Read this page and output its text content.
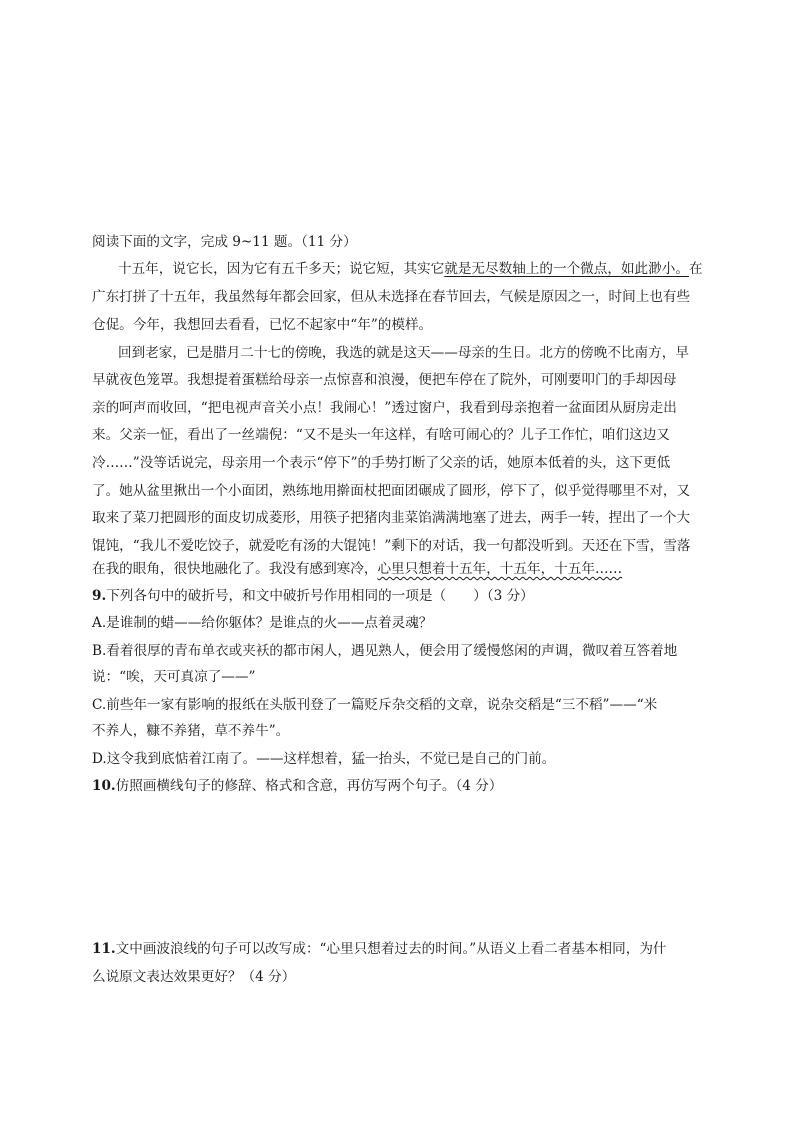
阅读下面的文字，完成 9~11 题。（11 分）
十五年，说它长，因为它有五千多天；说它短，其实它就是无尽数轴上的一个微点，如此渺小。在
广东打拼了十五年，我虽然每年都会回家，但从未选择在春节回去，气候是原因之一，时间上也有些
仓促。今年，我想回去看看，已忆不起家中“年”的模样。
回到老家，已是腊月二十七的傍晚，我选的就是这天——母亲的生日。北方的傍晚不比南方，早
早就夜色笼罩。我想提着蛋糕给母亲一点惊喜和浪漫，便把车停在了院外，可刚要叩门的手却因母
亲的呵声而收回，“把电视声音关小点！我闹心！”透过窗户，我看到母亲抱着一盆面团从厨房走出
来。父亲一怔，看出了一丝端倪：“又不是头一年这样，有啥可闹心的？儿子工作忙，咱们这边又
冷……”没等话说完，母亲用一个表示“停下”的手势打断了父亲的话，她原本低着的头，这下更低
了。她从盆里揪出一个小面团，熟练地用擀面杖把面团碾成了圆形，停下了，似乎觉得哪里不对，又
取来了菜刀把圆形的面皮切成菱形，用筷子把猪肉韭菜馅满满地塞了进去，两手一转，捏出了一个大
馄饨，“我儿不爱吃饺子，就爱吃有汤的大馄饨！”剩下的对话，我一句都没听到。天还在下雪，雪落
在我的眼角，很快地融化了。我没有感到寒冷，心里只想着十五年，十五年，十五年……
9.下列各句中的破折号，和文中破折号作用相同的一项是（　　）（3 分）
A.是谁制的蜡——给你躯体？是谁点的火——点着灵魂？
B.看着很厚的青布单衣或夹袄的都市闲人，遇见熟人，便会用了缓慢悠闲的声调，微叹着互答着地
说：“唉，天可真凉了——”
C.前些年一家有影响的报纸在头版刊登了一篇贬斥杂交稻的文章，说杂交稻是“三不稻”——“米
不养人，糠不养猪，草不养牛”。
D.这令我到底惦着江南了。——这样想着，猛一抬头，不觉已是自己的门前。
10.仿照画横线句子的修辞、格式和含意，再仿写两个句子。（4 分）
11.文中画波浪线的句子可以改写成：“心里只想着过去的时间。”从语义上看二者基本相同，为什
么说原文表达效果更好？（4 分）
